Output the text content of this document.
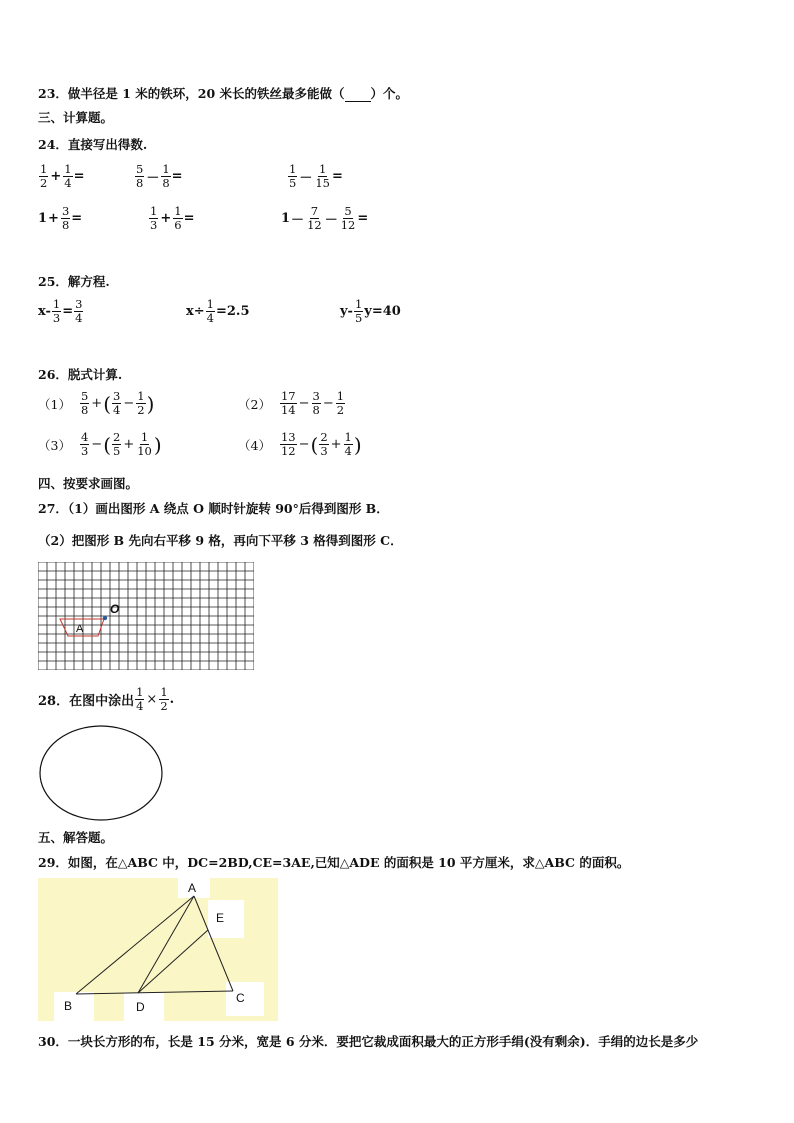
23．做半径是 1 米的铁环，20 米长的铁丝最多能做（ ）个。
三、计算题。
24．直接写出得数.
$\frac{1}{2} + \frac{1}{4}$ =	$\frac{5}{8} - \frac{1}{8}$ =	$\frac{1}{5} - \frac{1}{15}$ =
$1 + \frac{3}{8}$ =	$\frac{1}{3} + \frac{1}{6}$ =	$1 - \frac{7}{12} - \frac{5}{12}$ =
25．解方程.
$x- \frac{1}{3} = \frac{3}{4}$	$x\div \frac{1}{4} =2.5$	$y- \frac{1}{5} y=40$
26．脱式计算.
$(1) \frac{5}{8}$ + ( $\frac{3}{4} - \frac{1}{2}$ )	$(2) \frac{17}{14} - \frac{3}{8} - \frac{1}{2}$
$(3) \frac{4}{3}$ − ( $\frac{2}{5} + \frac{1}{10}$ )	$(4) \frac{13}{12}$ − ( $\frac{2}{3} + \frac{1}{4}$ )
四、按要求画图。
27．（1）画出图形 A 绕点 O 顺时针旋转 90°后得到图形 B．
（2）把图形 B 先向右平移 9 格，再向下平移 3 格得到图形 C．
A
O
28．在图中涂出 $\frac{1}{4} \times \frac{1}{2}$ .
五、解答题。
29．如图，在△ABC 中，DC=2BD,CE=3AE,已知△ADE 的面积是 10 平方厘米，求△ABC 的面积。
A
E
B	D
C
30．一块长方形的布，长是 15 分米，宽是 6 分米．要把它裁成面积最大的正方形手绢(没有剩余)．手绢的边长是多少
